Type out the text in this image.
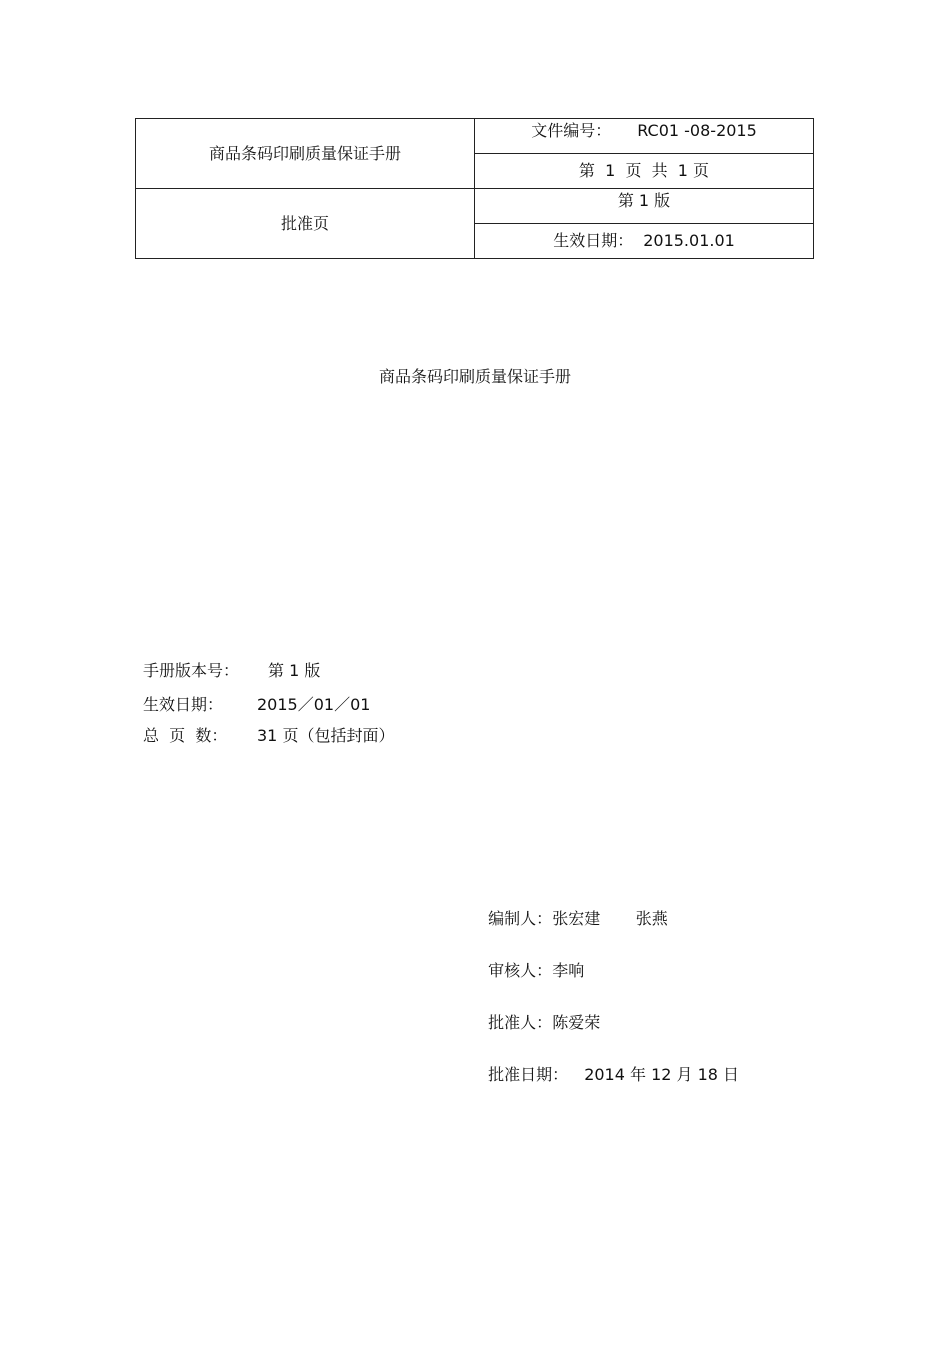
商品条码印刷质量保证手册
批准页
文件编号： RC01 -08-2015
第  1  页  共  1 页
第 1 版
生效日期： 2015.01.01
商品条码印刷质量保证手册

手册版本号：

第 1 版

生效日期：

2015／01／01

总  页  数：

31 页（包括封面）

编制人：张宏建       张燕

审核人：李响

批准人：陈爱荣

批准日期： 2014 年 12 月 18 日
